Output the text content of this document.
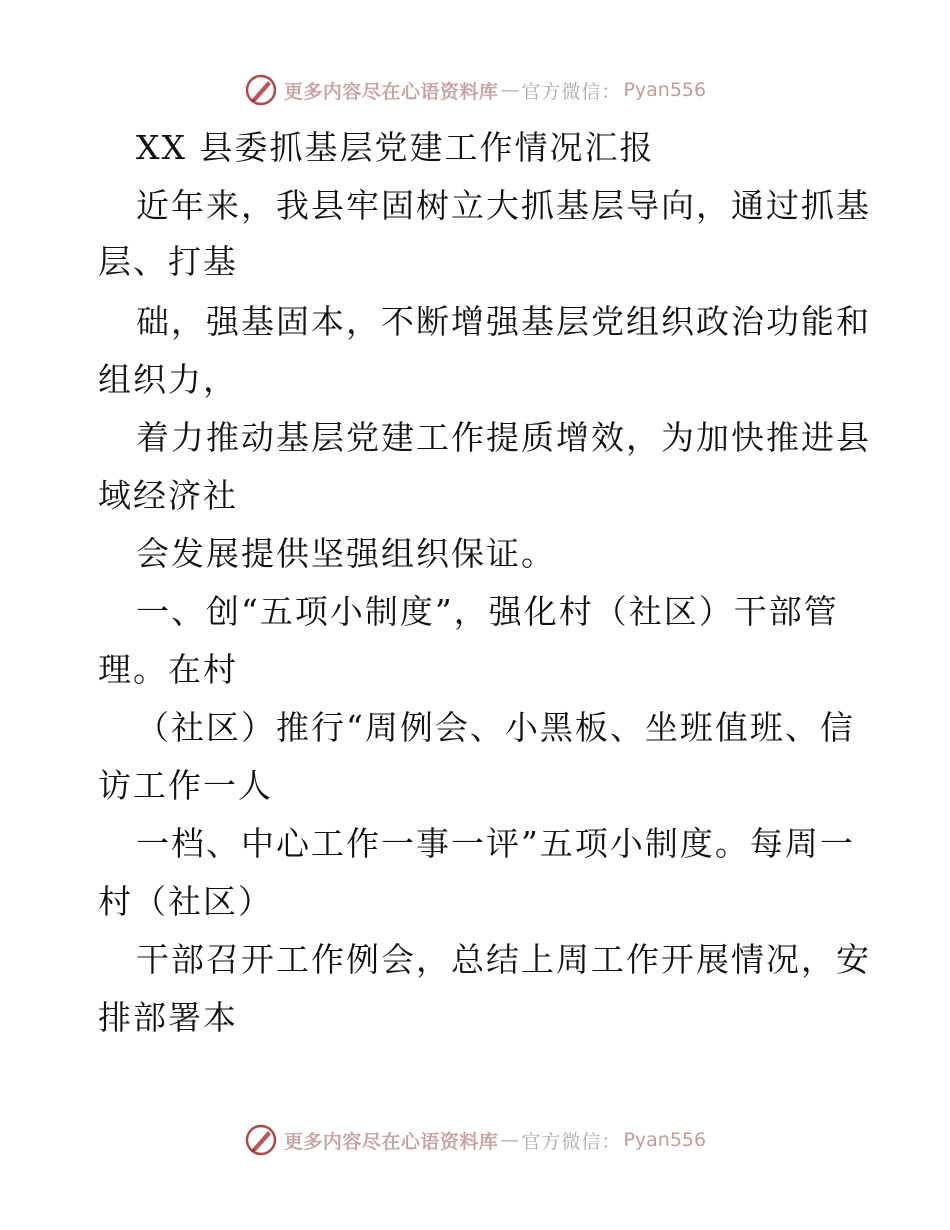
更多内容尽在心语资料库 — 官方微信： Pyan556
XX 县委抓基层党建工作情况汇报
近年来，我县牢固树立大抓基层导向，通过抓基
层、打基
础，强基固本，不断增强基层党组织政治功能和
组织力，
着力推动基层党建工作提质增效，为加快推进县
域经济社
会发展提供坚强组织保证。
一、创“五项小制度”，强化村（社区）干部管
理。在村
（社区）推行“周例会、小黑板、坐班值班、信
访工作一人
一档、中心工作一事一评”五项小制度。每周一
村（社区）
干部召开工作例会，总结上周工作开展情况，安
排部署本
更多内容尽在心语资料库 — 官方微信： Pyan556
